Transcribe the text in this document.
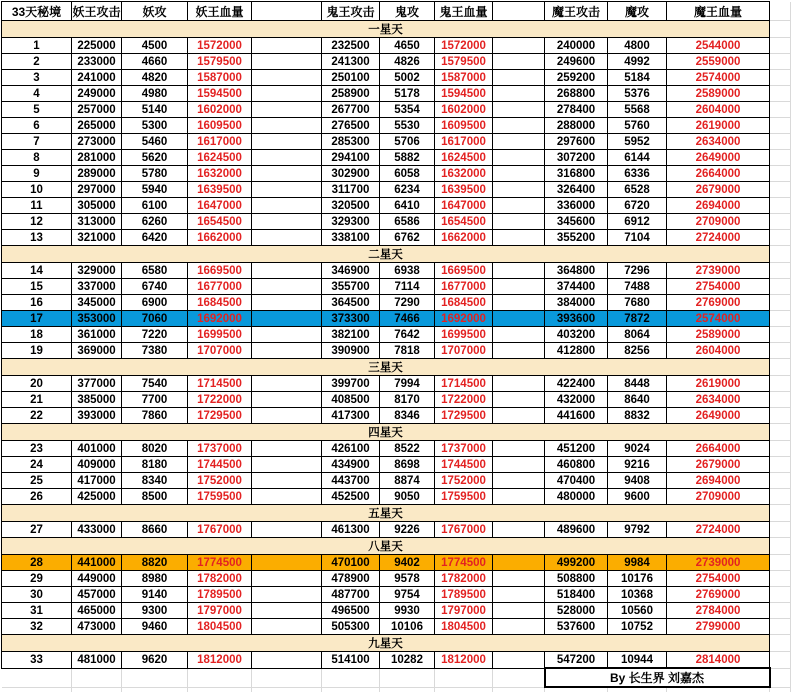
33天秘境	妖王攻击	妖攻	妖王血量		鬼王攻击	鬼攻	鬼王血量		魔王攻击	魔攻	魔王血量	
一星天												
1	225000	4500	1572000		232500	4650	1572000		240000	4800	2544000	
2	233000	4660	1579500		241300	4826	1579500		249600	4992	2559000	
3	241000	4820	1587000		250100	5002	1587000		259200	5184	2574000	
4	249000	4980	1594500		258900	5178	1594500		268800	5376	2589000	
5	257000	5140	1602000		267700	5354	1602000		278400	5568	2604000	
6	265000	5300	1609500		276500	5530	1609500		288000	5760	2619000	
7	273000	5460	1617000		285300	5706	1617000		297600	5952	2634000	
8	281000	5620	1624500		294100	5882	1624500		307200	6144	2649000	
9	289000	5780	1632000		302900	6058	1632000		316800	6336	2664000	
10	297000	5940	1639500		311700	6234	1639500		326400	6528	2679000	
11	305000	6100	1647000		320500	6410	1647000		336000	6720	2694000	
12	313000	6260	1654500		329300	6586	1654500		345600	6912	2709000	
13	321000	6420	1662000		338100	6762	1662000		355200	7104	2724000	
二星天												
14	329000	6580	1669500		346900	6938	1669500		364800	7296	2739000	
15	337000	6740	1677000		355700	7114	1677000		374400	7488	2754000	
16	345000	6900	1684500		364500	7290	1684500		384000	7680	2769000	
17	353000	7060	1692000		373300	7466	1692000		393600	7872	2574000	
18	361000	7220	1699500		382100	7642	1699500		403200	8064	2589000	
19	369000	7380	1707000		390900	7818	1707000		412800	8256	2604000	
三星天												
20	377000	7540	1714500		399700	7994	1714500		422400	8448	2619000	
21	385000	7700	1722000		408500	8170	1722000		432000	8640	2634000	
22	393000	7860	1729500		417300	8346	1729500		441600	8832	2649000	
四星天												
23	401000	8020	1737000		426100	8522	1737000		451200	9024	2664000	
24	409000	8180	1744500		434900	8698	1744500		460800	9216	2679000	
25	417000	8340	1752000		443700	8874	1752000		470400	9408	2694000	
26	425000	8500	1759500		452500	9050	1759500		480000	9600	2709000	
五星天												
27	433000	8660	1767000		461300	9226	1767000		489600	9792	2724000	
八星天												
28	441000	8820	1774500		470100	9402	1774500		499200	9984	2739000	
29	449000	8980	1782000		478900	9578	1782000		508800	10176	2754000	
30	457000	9140	1789500		487700	9754	1789500		518400	10368	2769000	
31	465000	9300	1797000		496500	9930	1797000		528000	10560	2784000	
32	473000	9460	1804500		505300	10106	1804500		537600	10752	2799000	
九星天												
33	481000	9620	1812000		514100	10282	1812000		547200	10944	2814000	
									By 长生界 刘嘉杰			
